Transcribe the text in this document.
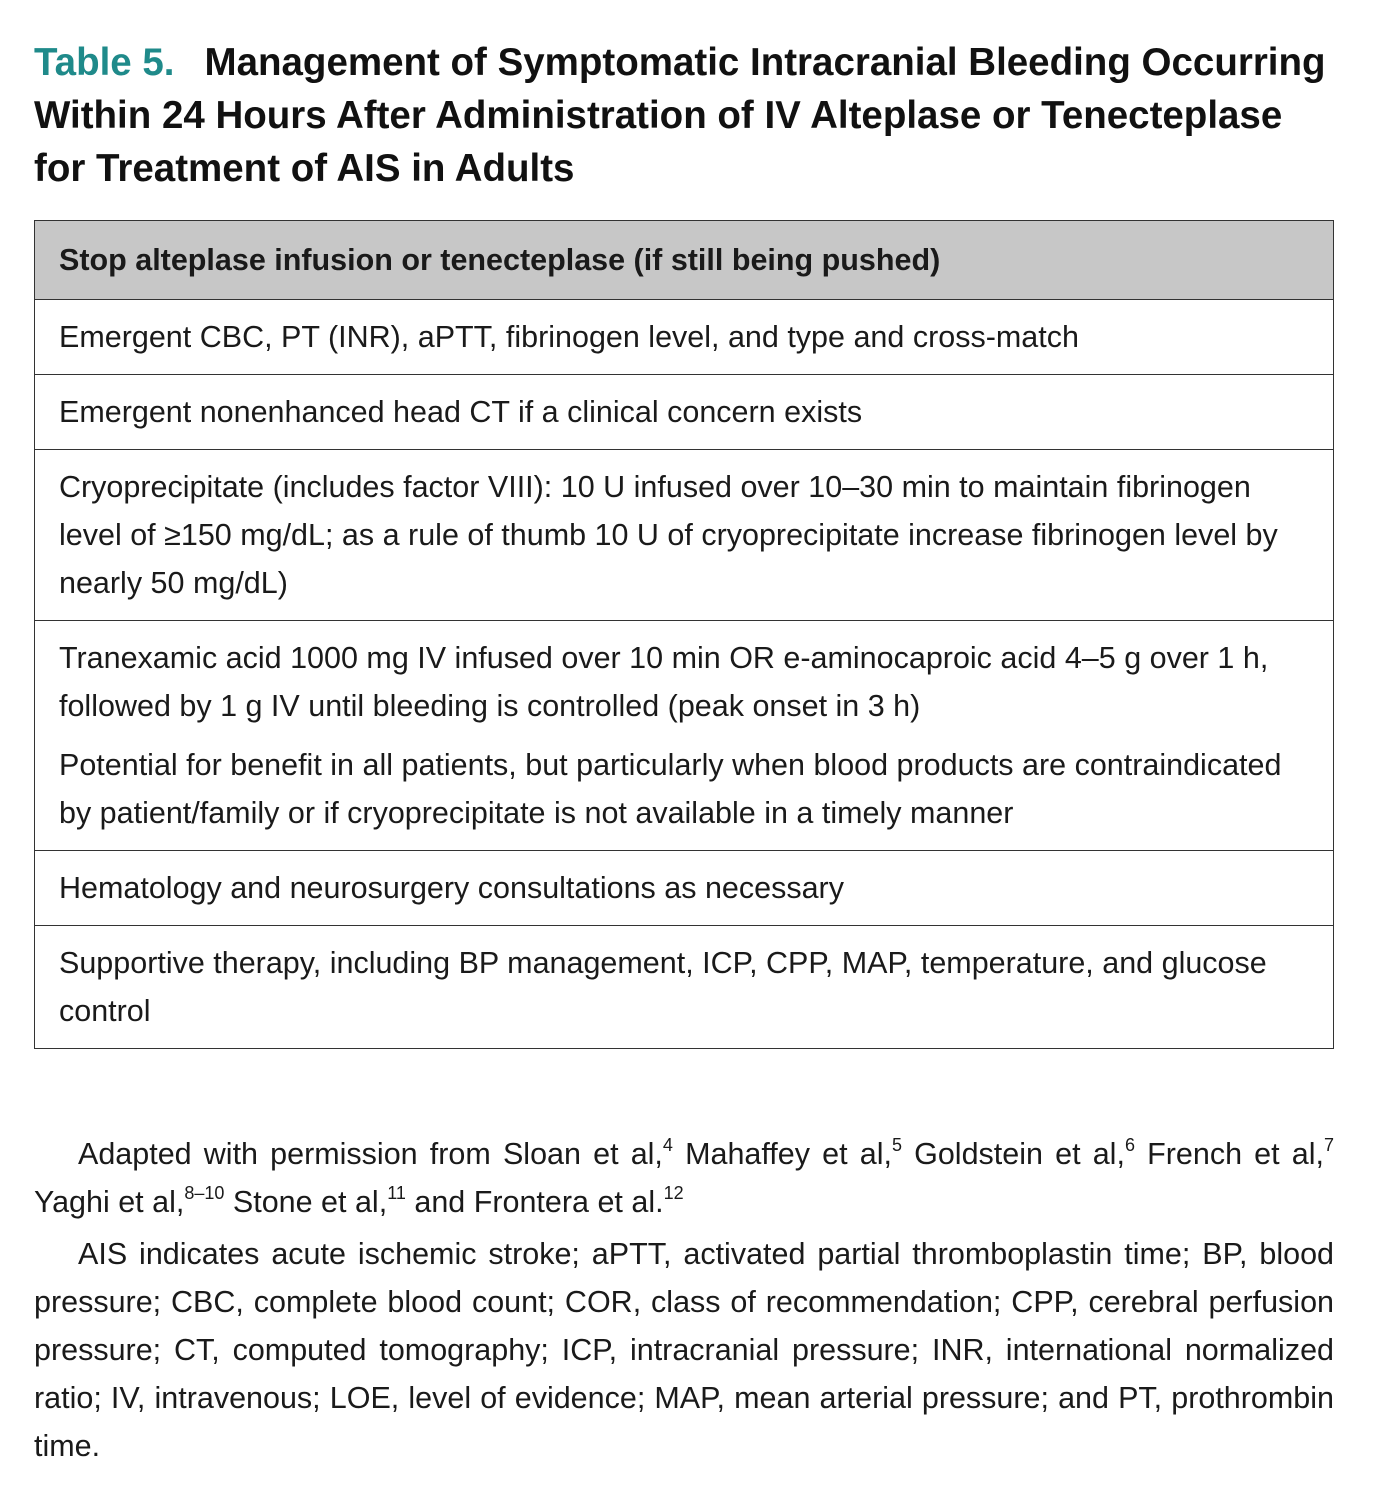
Table 5. Management of Symptomatic Intracranial Bleeding Occurring Within 24 Hours After Administration of IV Alteplase or Tenecteplase for Treatment of AIS in Adults
Stop alteplase infusion or tenecteplase (if still being pushed)

Emergent CBC, PT (INR), aPTT, fibrinogen level, and type and cross-match

Emergent nonenhanced head CT if a clinical concern exists

Cryoprecipitate (includes factor VIII): 10 U infused over 10–30 min to maintain fibrinogen level of ≥150 mg/dL; as a rule of thumb 10 U of cryoprecipitate increase fibrinogen level by nearly 50 mg/dL)

Tranexamic acid 1000 mg IV infused over 10 min OR e-aminocaproic acid 4–5 g over 1 h, followed by 1 g IV until bleeding is controlled (peak onset in 3 h)

Potential for benefit in all patients, but particularly when blood products are contraindicated by patient/family or if cryoprecipitate is not available in a timely manner

Hematology and neurosurgery consultations as necessary

Supportive therapy, including BP management, ICP, CPP, MAP, temperature, and glucose control

Adapted with permission from Sloan et al,$^4$ Mahaffey et al,$^5$ Goldstein et al,$^6$ French et al,$^7$ Yaghi et al,$^{8-10}$ Stone et al,$^{11}$ and Frontera et al.$^{12}$

AIS indicates acute ischemic stroke; aPTT, activated partial thromboplastin time; BP, blood pressure; CBC, complete blood count; COR, class of recommendation; CPP, cerebral perfusion pressure; CT, computed tomography; ICP, intracranial pressure; INR, international normalized ratio; IV, intravenous; LOE, level of evidence; MAP, mean arterial pressure; and PT, prothrombin time.
